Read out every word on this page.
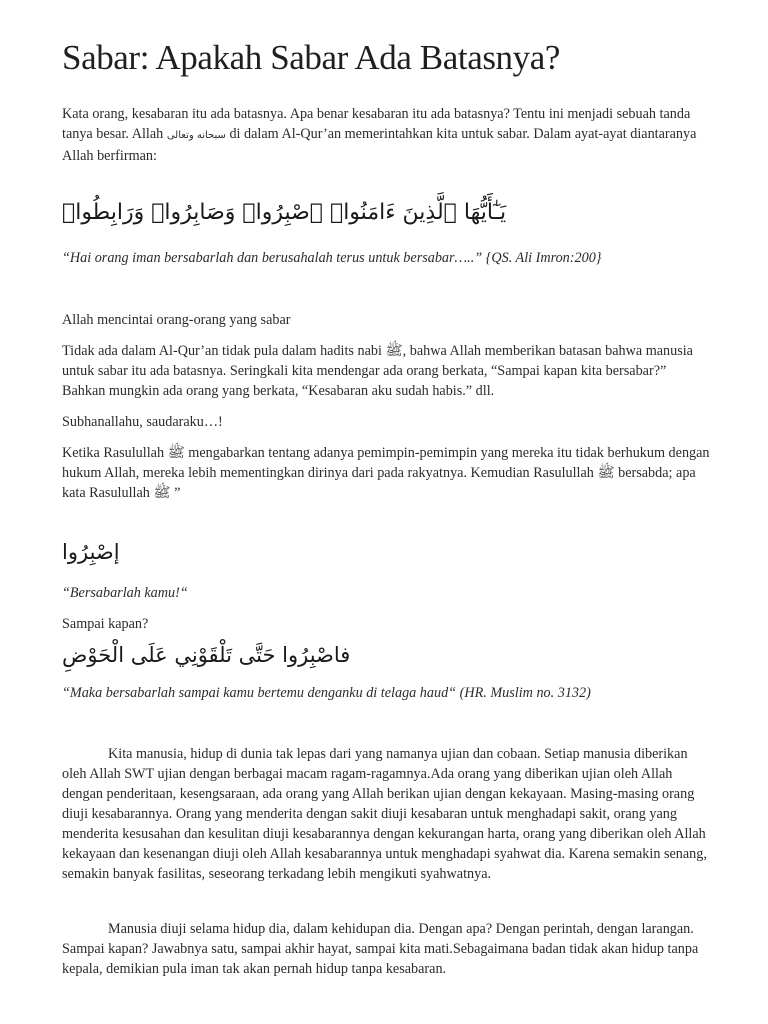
Sabar: Apakah Sabar Ada Batasnya?

Kata orang, kesabaran itu ada batasnya. Apa benar kesabaran itu ada batasnya? Tentu ini menjadi sebuah tanda tanya besar. Allah سبحانه وتعالى di dalam Al-Qur’an memerintahkan kita untuk sabar. Dalam ayat-ayat diantaranya Allah berfirman:

يَـٰٓأَيُّهَا ٱلَّذِينَ ءَامَنُوا۟ ٱصْبِرُوا۟ وَصَابِرُوا۟ وَرَابِطُوا۟

“Hai orang iman bersabarlah dan berusahalah terus untuk bersabar…..” {QS. Ali Imron:200}

Allah mencintai orang-orang yang sabar

Tidak ada dalam Al-Qur’an tidak pula dalam hadits nabi ﷺ, bahwa Allah memberikan batasan bahwa manusia untuk sabar itu ada batasnya. Seringkali kita mendengar ada orang berkata, “Sampai kapan kita bersabar?” Bahkan mungkin ada orang yang berkata, “Kesabaran aku sudah habis.” dll.

Subhanallahu, saudaraku…!

Ketika Rasulullah ﷺ mengabarkan tentang adanya pemimpin-pemimpin yang mereka itu tidak berhukum dengan hukum Allah, mereka lebih mementingkan dirinya dari pada rakyatnya. Kemudian Rasulullah ﷺ bersabda; apa kata Rasulullah ﷺ ”

إصْبِرُوا

“Bersabarlah kamu!“

Sampai kapan?

فاصْبِرُوا حَتَّى تَلْقَوْنِي عَلَى الْحَوْضِ

“Maka bersabarlah sampai kamu bertemu denganku di telaga haud“ (HR. Muslim no. 3132)

Kita manusia, hidup di dunia tak lepas dari yang namanya ujian dan cobaan. Setiap manusia diberikan oleh Allah SWT ujian dengan berbagai macam ragam-ragamnya.Ada orang yang diberikan ujian oleh Allah dengan penderitaan, kesengsaraan, ada orang yang Allah berikan ujian dengan kekayaan. Masing-masing orang diuji kesabarannya. Orang yang menderita dengan sakit diuji kesabaran untuk menghadapi sakit, orang yang menderita kesusahan dan kesulitan diuji kesabarannya dengan kekurangan harta, orang yang diberikan oleh Allah kekayaan dan kesenangan diuji oleh Allah kesabarannya untuk menghadapi syahwat dia. Karena semakin senang, semakin banyak fasilitas, seseorang terkadang lebih mengikuti syahwatnya.

Manusia diuji selama hidup dia, dalam kehidupan dia. Dengan apa? Dengan perintah, dengan larangan. Sampai kapan? Jawabnya satu, sampai akhir hayat, sampai kita mati.Sebagaimana badan tidak akan hidup tanpa kepala, demikian pula iman tak akan pernah hidup tanpa kesabaran.
